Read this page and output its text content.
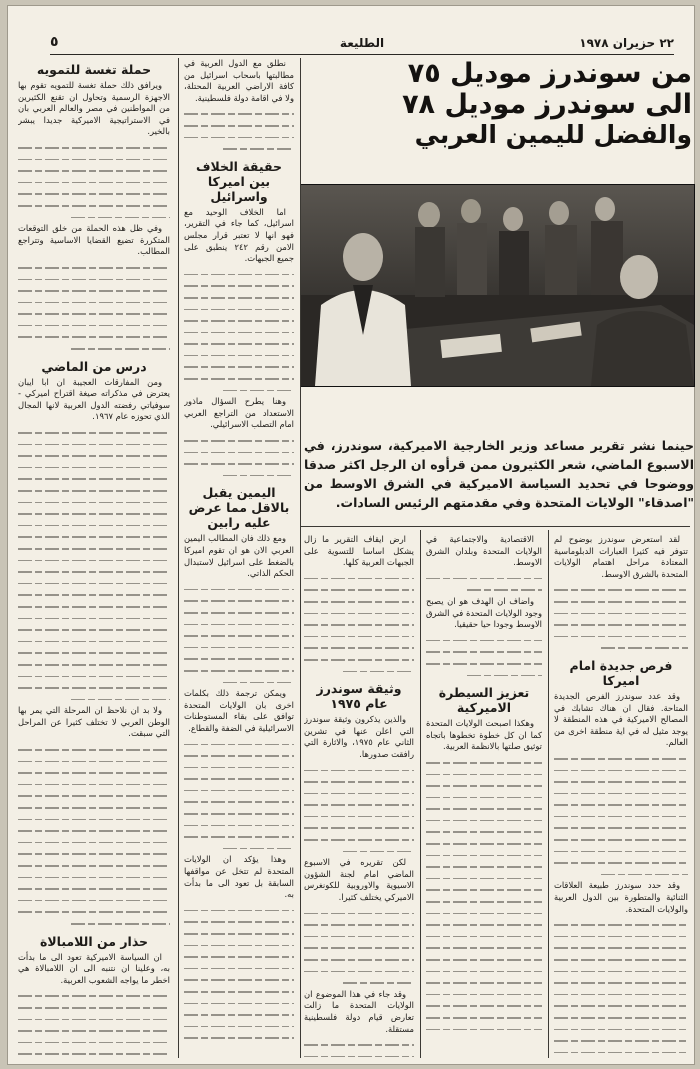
٢٢ حزيران ١٩٧٨
الطليعة
٥
من سوندرز موديل ٧٥
الى سوندرز موديل ٧٨
والفضل لليمين العربي
حينما نشر تقرير مساعد وزير الخارجية الاميركية، سوندرز، في الاسبوع الماضي، شعر الكثيرون ممن قرأوه ان الرجل اكثر صدقا ووضوحا في تحديد السياسة الاميركية في الشرق الاوسط من "اصدقاء" الولايات المتحدة وفي مقدمتهم الرئيس السادات.
حملة تغسة للتمويه

ويرافق ذلك حملة تغسة للتمويه تقوم بها الاجهزة الرسمية وتحاول ان تقنع الكثيرين من المواطنين في مصر والعالم العربي بان في الاستراتيجية الاميركية جديدا يبشر بالخير.

وفي ظل هذه الحملة من خلق التوقعات المتكررة تضيع القضايا الاساسية وتتراجع المطالب.

درس من الماضي

ومن المفارقات العجيبة ان ابا ايبان يعترض في مذكراته صيغة اقتراح اميركي - سوفياتي رفضته الدول العربية لانها المجال الذي تحوزه عام ١٩٦٧.

ولا بد ان نلاحظ ان المرحلة التي يمر بها الوطن العربي لا تختلف كثيرا عن المراحل التي سبقت.

حذار من اللامبالاة

ان السياسة الاميركية تعود الى ما بدأت به، وعلينا ان نتنبه الى ان اللامبالاة هي اخطر ما يواجه الشعوب العربية.

نطلق مع الدول العربية في مطالبتها باسحاب اسرائيل من كافة الاراضي العربية المحتلة، ولا في اقامة دولة فلسطينية.

حقيقة الخلاف بين اميركا واسرائيل

اما الخلاف الوحيد مع اسرائيل، كما جاء في التقرير، فهو انها لا تعتبر قرار مجلس الامن رقم ٢٤٢ ينطبق على جميع الجبهات.

وهنا يطرح السؤال ماذور الاستعداد من التراجع العربي امام التصلب الاسرائيلي.

اليمين يقبل بالاقل مما عرض عليه رابين

ومع ذلك فان المطالب اليمين العربي الان هو ان تقوم اميركا بالضغط على اسرائيل لاستبدال الحكم الذاتي.

ويمكن ترجمة ذلك بكلمات اخرى بان الولايات المتحدة توافق على بقاء المستوطنات الاسرائيلية في الضفة والقطاع.

وهذا يؤكد ان الولايات المتحدة لم تتخل عن مواقفها السابقة بل تعود الى ما بدأت به.

ارض ايقاف التقرير ما زال يشكل اساسا للتسوية على الجبهات العربية كلها.

وثيقة سوندرز عام ١٩٧٥

والذين يذكرون وثيقة سوندرز التي اعلن عنها في تشرين الثاني عام ١٩٧٥، والاثارة التي رافقت صدورها.

لكن تقريره في الاسبوع الماضي امام لجنة الشؤون الاسيوية والاوروبية للكونغرس الاميركي يختلف كثيرا.

وقد جاء في هذا الموضوع ان الولايات المتحدة ما زالت تعارض قيام دولة فلسطينية مستقلة.

الاقتصادية والاجتماعية في الولايات المتحدة وبلدان الشرق الاوسط.

واضاف ان الهدف هو ان يصبح وجود الولايات المتحدة في الشرق الاوسط وجودا حيا حقيقيا.

تعزيز السيطرة الاميركية

وهكذا اصبحت الولايات المتحدة كما ان كل خطوة تخطوها باتجاه توثيق صلتها بالانظمة العربية.

لقد استعرض سوندرز بوضوح لم تتوفر فيه كثيرا العبارات الدبلوماسية المعتادة مراحل اهتمام الولايات المتحدة بالشرق الاوسط.

فرص جديدة امام اميركا

وقد عدد سوندرز الفرص الجديدة المتاحة. فقال ان هناك تشابك في المصالح الاميركية في هذه المنطقة لا يوجد مثيل له في اية منطقة اخرى من العالم.

وقد حدد سوندرز طبيعة العلاقات الثنائية والمتطورة بين الدول العربية والولايات المتحدة.
